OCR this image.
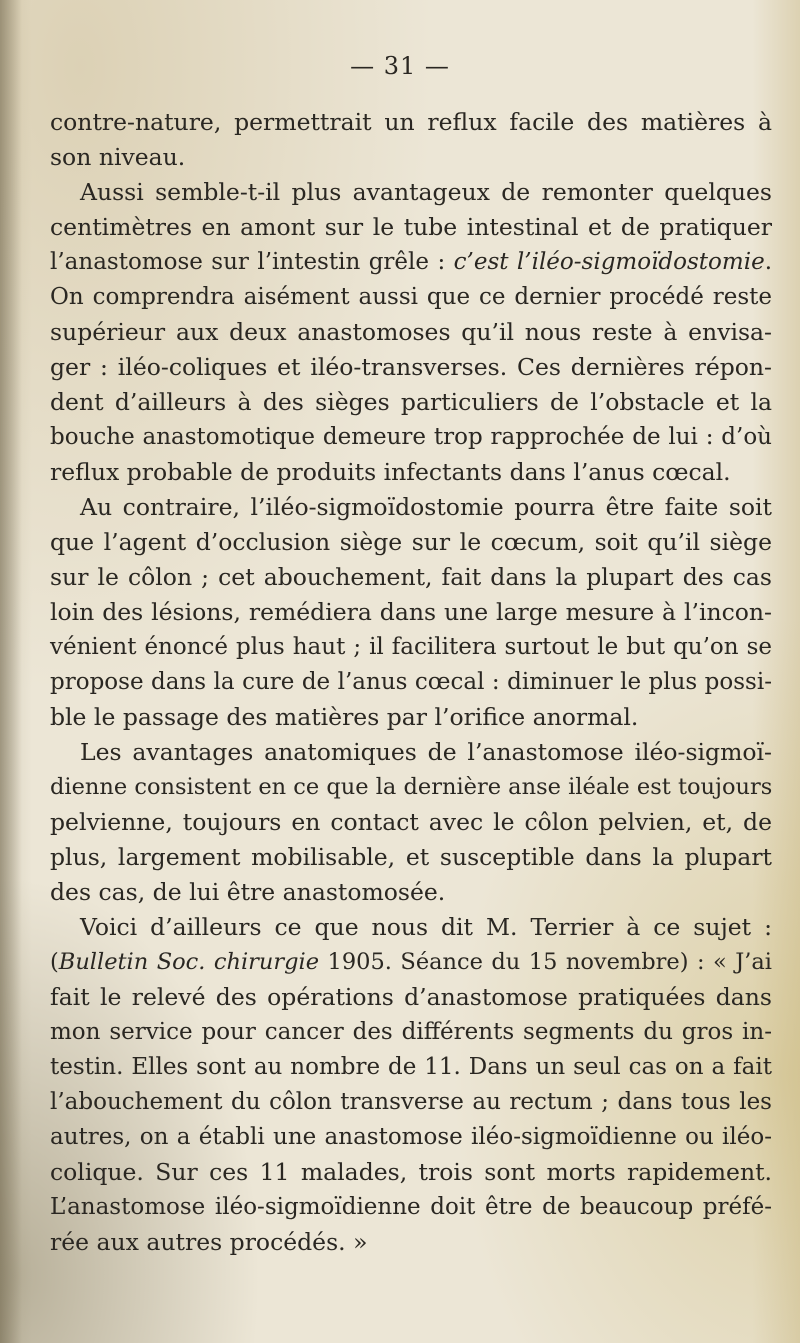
— 31 —
contre-nature, permettrait un reflux facile des matières à
son niveau.
Aussi semble-t-il plus avantageux de remonter quelques
centimètres en amont sur le tube intestinal et de pratiquer
l’anastomose sur l’intestin grêle : c’est l’iléo-sigmoïdostomie.
On comprendra aisément aussi que ce dernier procédé reste
supérieur aux deux anastomoses qu’il nous reste à envisa-
ger : iléo-coliques et iléo-transverses. Ces dernières répon-
dent d’ailleurs à des sièges particuliers de l’obstacle et la
bouche anastomotique demeure trop rapprochée de lui : d’où
reflux probable de produits infectants dans l’anus cœcal.
Au contraire, l’iléo-sigmoïdostomie pourra être faite soit
que l’agent d’occlusion siège sur le cœcum, soit qu’il siège
sur le côlon ; cet abouchement, fait dans la plupart des cas
loin des lésions, remédiera dans une large mesure à l’incon-
vénient énoncé plus haut ; il facilitera surtout le but qu’on se
propose dans la cure de l’anus cœcal : diminuer le plus possi-
ble le passage des matières par l’orifice anormal.
Les avantages anatomiques de l’anastomose iléo-sigmoï-
dienne consistent en ce que la dernière anse iléale est toujours
pelvienne, toujours en contact avec le côlon pelvien, et, de
plus, largement mobilisable, et susceptible dans la plupart
des cas, de lui être anastomosée.
Voici d’ailleurs ce que nous dit M. Terrier à ce sujet :
(Bulletin Soc. chirurgie 1905. Séance du 15 novembre) : « J’ai
fait le relevé des opérations d’anastomose pratiquées dans
mon service pour cancer des différents segments du gros in-
testin. Elles sont au nombre de 11. Dans un seul cas on a fait
l’abouchement du côlon transverse au rectum ; dans tous les
autres, on a établi une anastomose iléo-sigmoïdienne ou iléo-
colique. Sur ces 11 malades, trois sont morts rapidement.
L’anastomose iléo-sigmoïdienne doit être de beaucoup préfé-
rée aux autres procédés. »
